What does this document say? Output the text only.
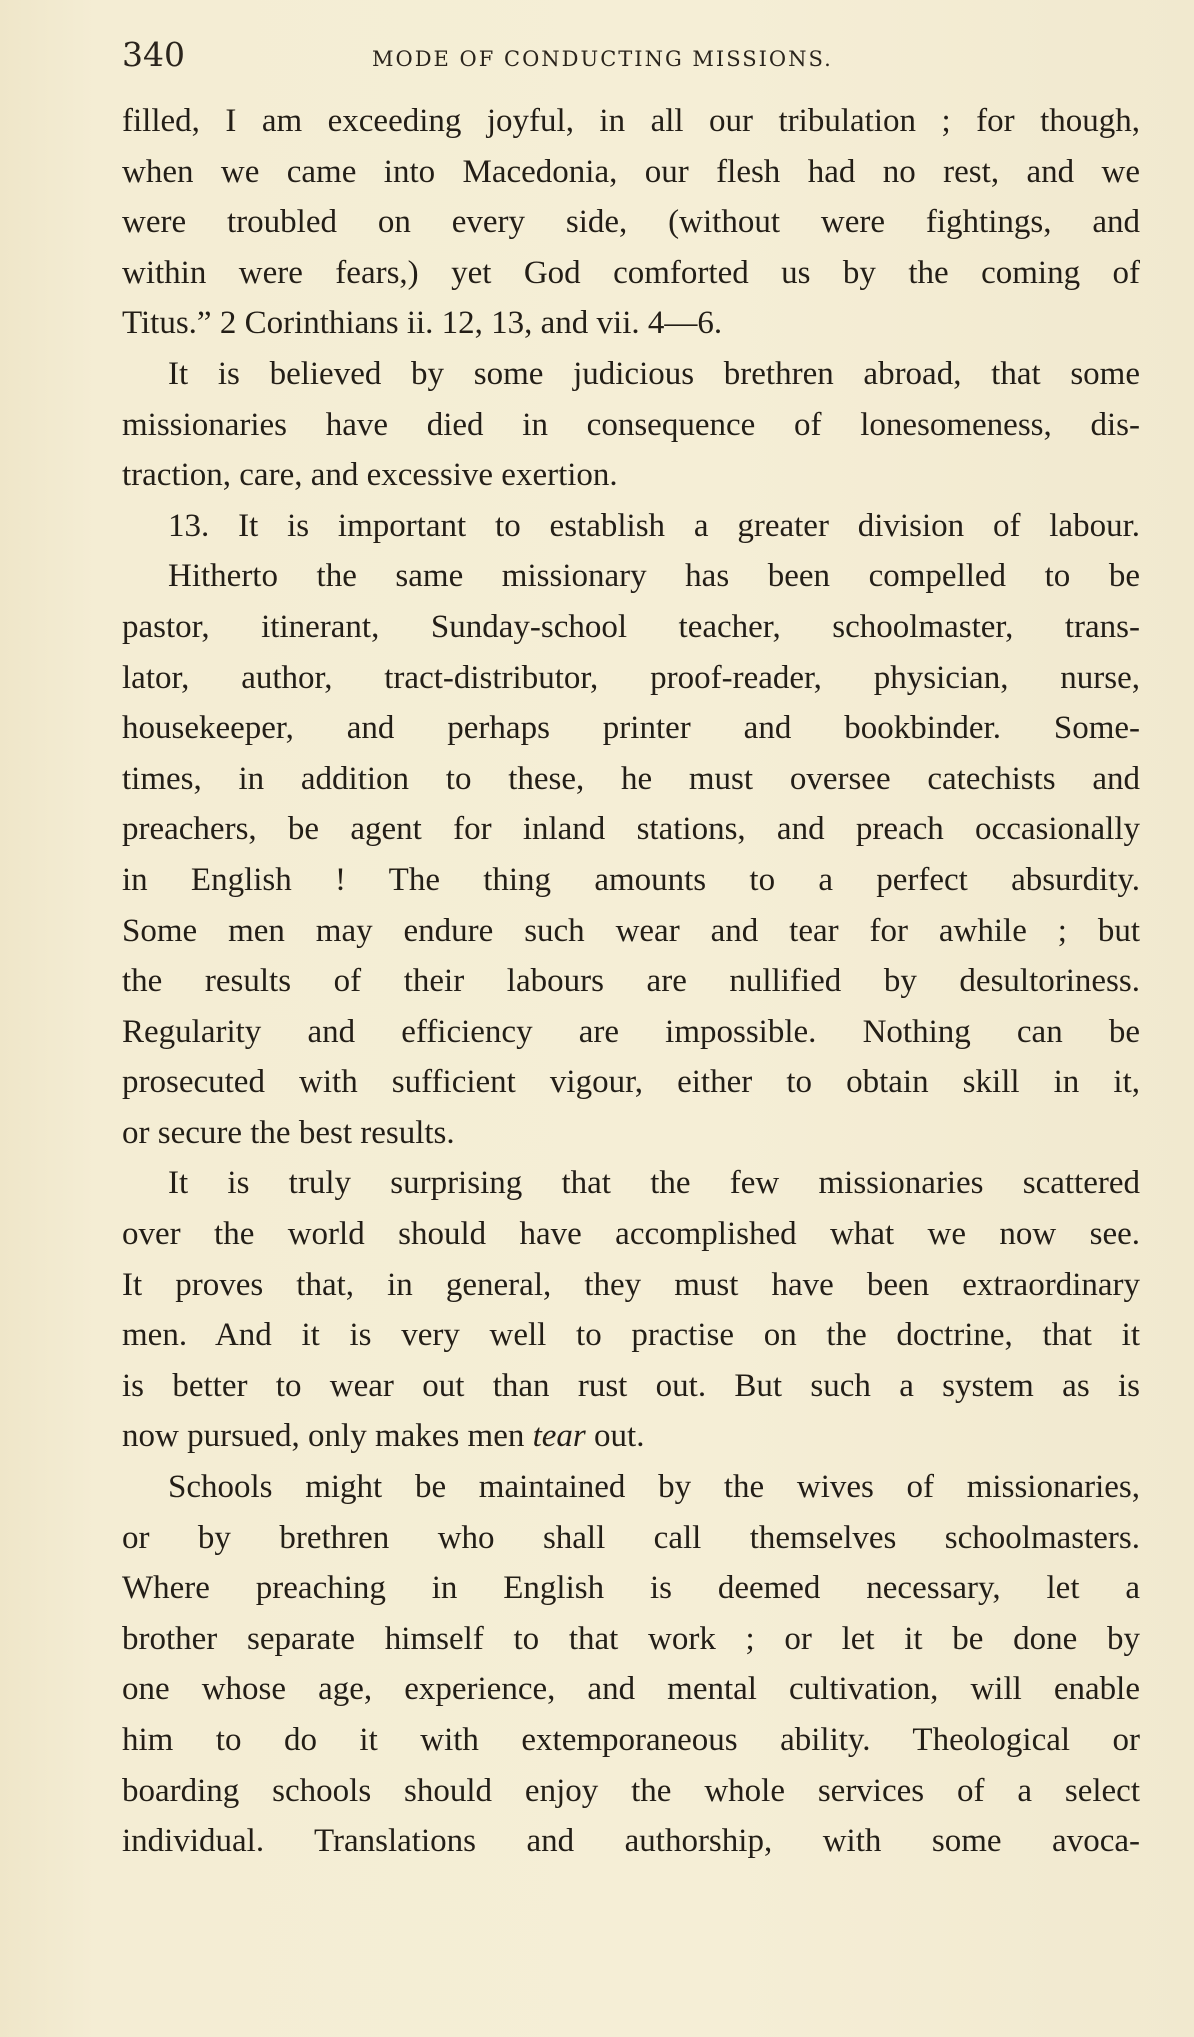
340	MODE OF CONDUCTING MISSIONS.
filled, I am exceeding joyful, in all our tribulation ; for though,
when we came into Macedonia, our flesh had no rest, and we
were troubled on every side, (without were fightings, and
within were fears,) yet God comforted us by the coming of
Titus.” 2 Corinthians ii. 12, 13, and vii. 4—6.
It is believed by some judicious brethren abroad, that some
missionaries have died in consequence of lonesomeness, dis-
traction, care, and excessive exertion.
13. It is important to establish a greater division of labour.
Hitherto the same missionary has been compelled to be
pastor, itinerant, Sunday-school teacher, schoolmaster, trans-
lator, author, tract-distributor, proof-reader, physician, nurse,
housekeeper, and perhaps printer and bookbinder. Some-
times, in addition to these, he must oversee catechists and
preachers, be agent for inland stations, and preach occasionally
in English ! The thing amounts to a perfect absurdity.
Some men may endure such wear and tear for awhile ; but
the results of their labours are nullified by desultoriness.
Regularity and efficiency are impossible. Nothing can be
prosecuted with sufficient vigour, either to obtain skill in it,
or secure the best results.
It is truly surprising that the few missionaries scattered
over the world should have accomplished what we now see.
It proves that, in general, they must have been extraordinary
men. And it is very well to practise on the doctrine, that it
is better to wear out than rust out. But such a system as is
now pursued, only makes men tear out.
Schools might be maintained by the wives of missionaries,
or by brethren who shall call themselves schoolmasters.
Where preaching in English is deemed necessary, let a
brother separate himself to that work ; or let it be done by
one whose age, experience, and mental cultivation, will enable
him to do it with extemporaneous ability. Theological or
boarding schools should enjoy the whole services of a select
individual. Translations and authorship, with some avoca-
